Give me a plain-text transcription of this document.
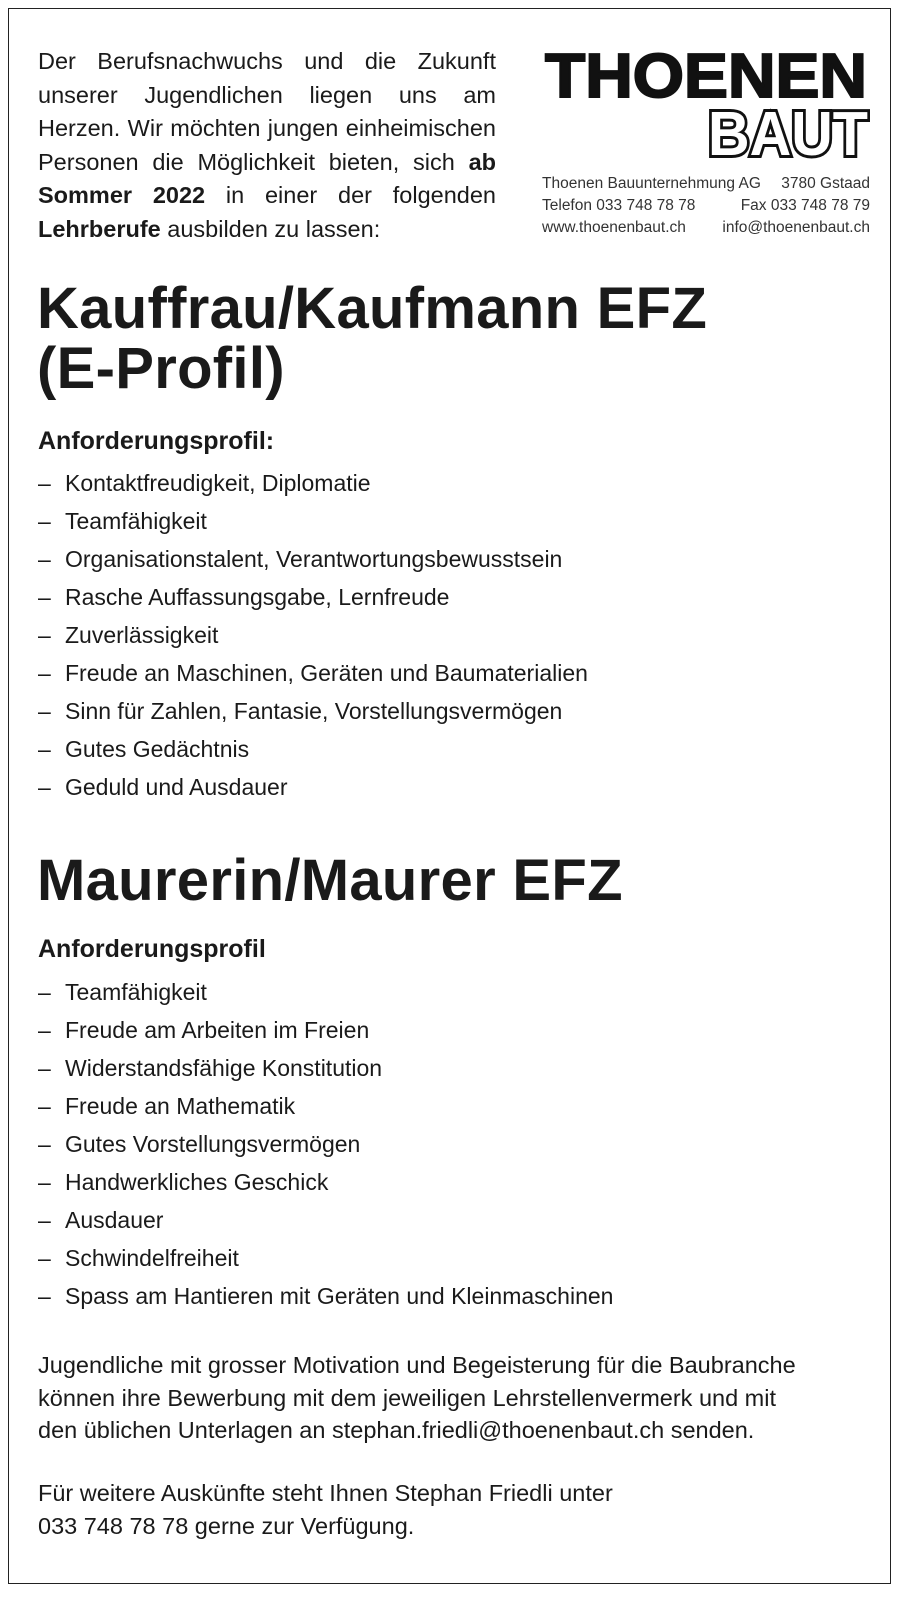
Der Berufsnachwuchs und die Zukunft unserer Jugendlichen liegen uns am Herzen. Wir möchten jungen einheimischen Personen die Möglichkeit bieten, sich ab Sommer 2022 in einer der folgenden Lehrberufe ausbilden zu lassen:

THOENEN
BAUT
Thoenen Bauunternehmung AG 3780 Gstaad
Telefon 033 748 78 78	Fax 033 748 78 79
www.thoenenbaut.ch info@thoenenbaut.ch
Kauffrau/Kaufmann EFZ
(E-Profil)
Anforderungsprofil:
– Kontaktfreudigkeit, Diplomatie
– Teamfähigkeit
– Organisationstalent, Verantwortungsbewusstsein
– Rasche Auffassungsgabe, Lernfreude
– Zuverlässigkeit
– Freude an Maschinen, Geräten und Baumaterialien
– Sinn für Zahlen, Fantasie, Vorstellungsvermögen
– Gutes Gedächtnis
– Geduld und Ausdauer
Maurerin/Maurer EFZ
Anforderungsprofil
– Teamfähigkeit
– Freude am Arbeiten im Freien
– Widerstandsfähige Konstitution
– Freude an Mathematik
– Gutes Vorstellungsvermögen
– Handwerkliches Geschick
– Ausdauer
– Schwindelfreiheit
– Spass am Hantieren mit Geräten und Kleinmaschinen

Jugendliche mit grosser Motivation und Begeisterung für die Baubranche
können ihre Bewerbung mit dem jeweiligen Lehrstellenvermerk und mit
den üblichen Unterlagen an stephan.friedli@thoenenbaut.ch senden.

Für weitere Auskünfte steht Ihnen Stephan Friedli unter
033 748 78 78 gerne zur Verfügung.
